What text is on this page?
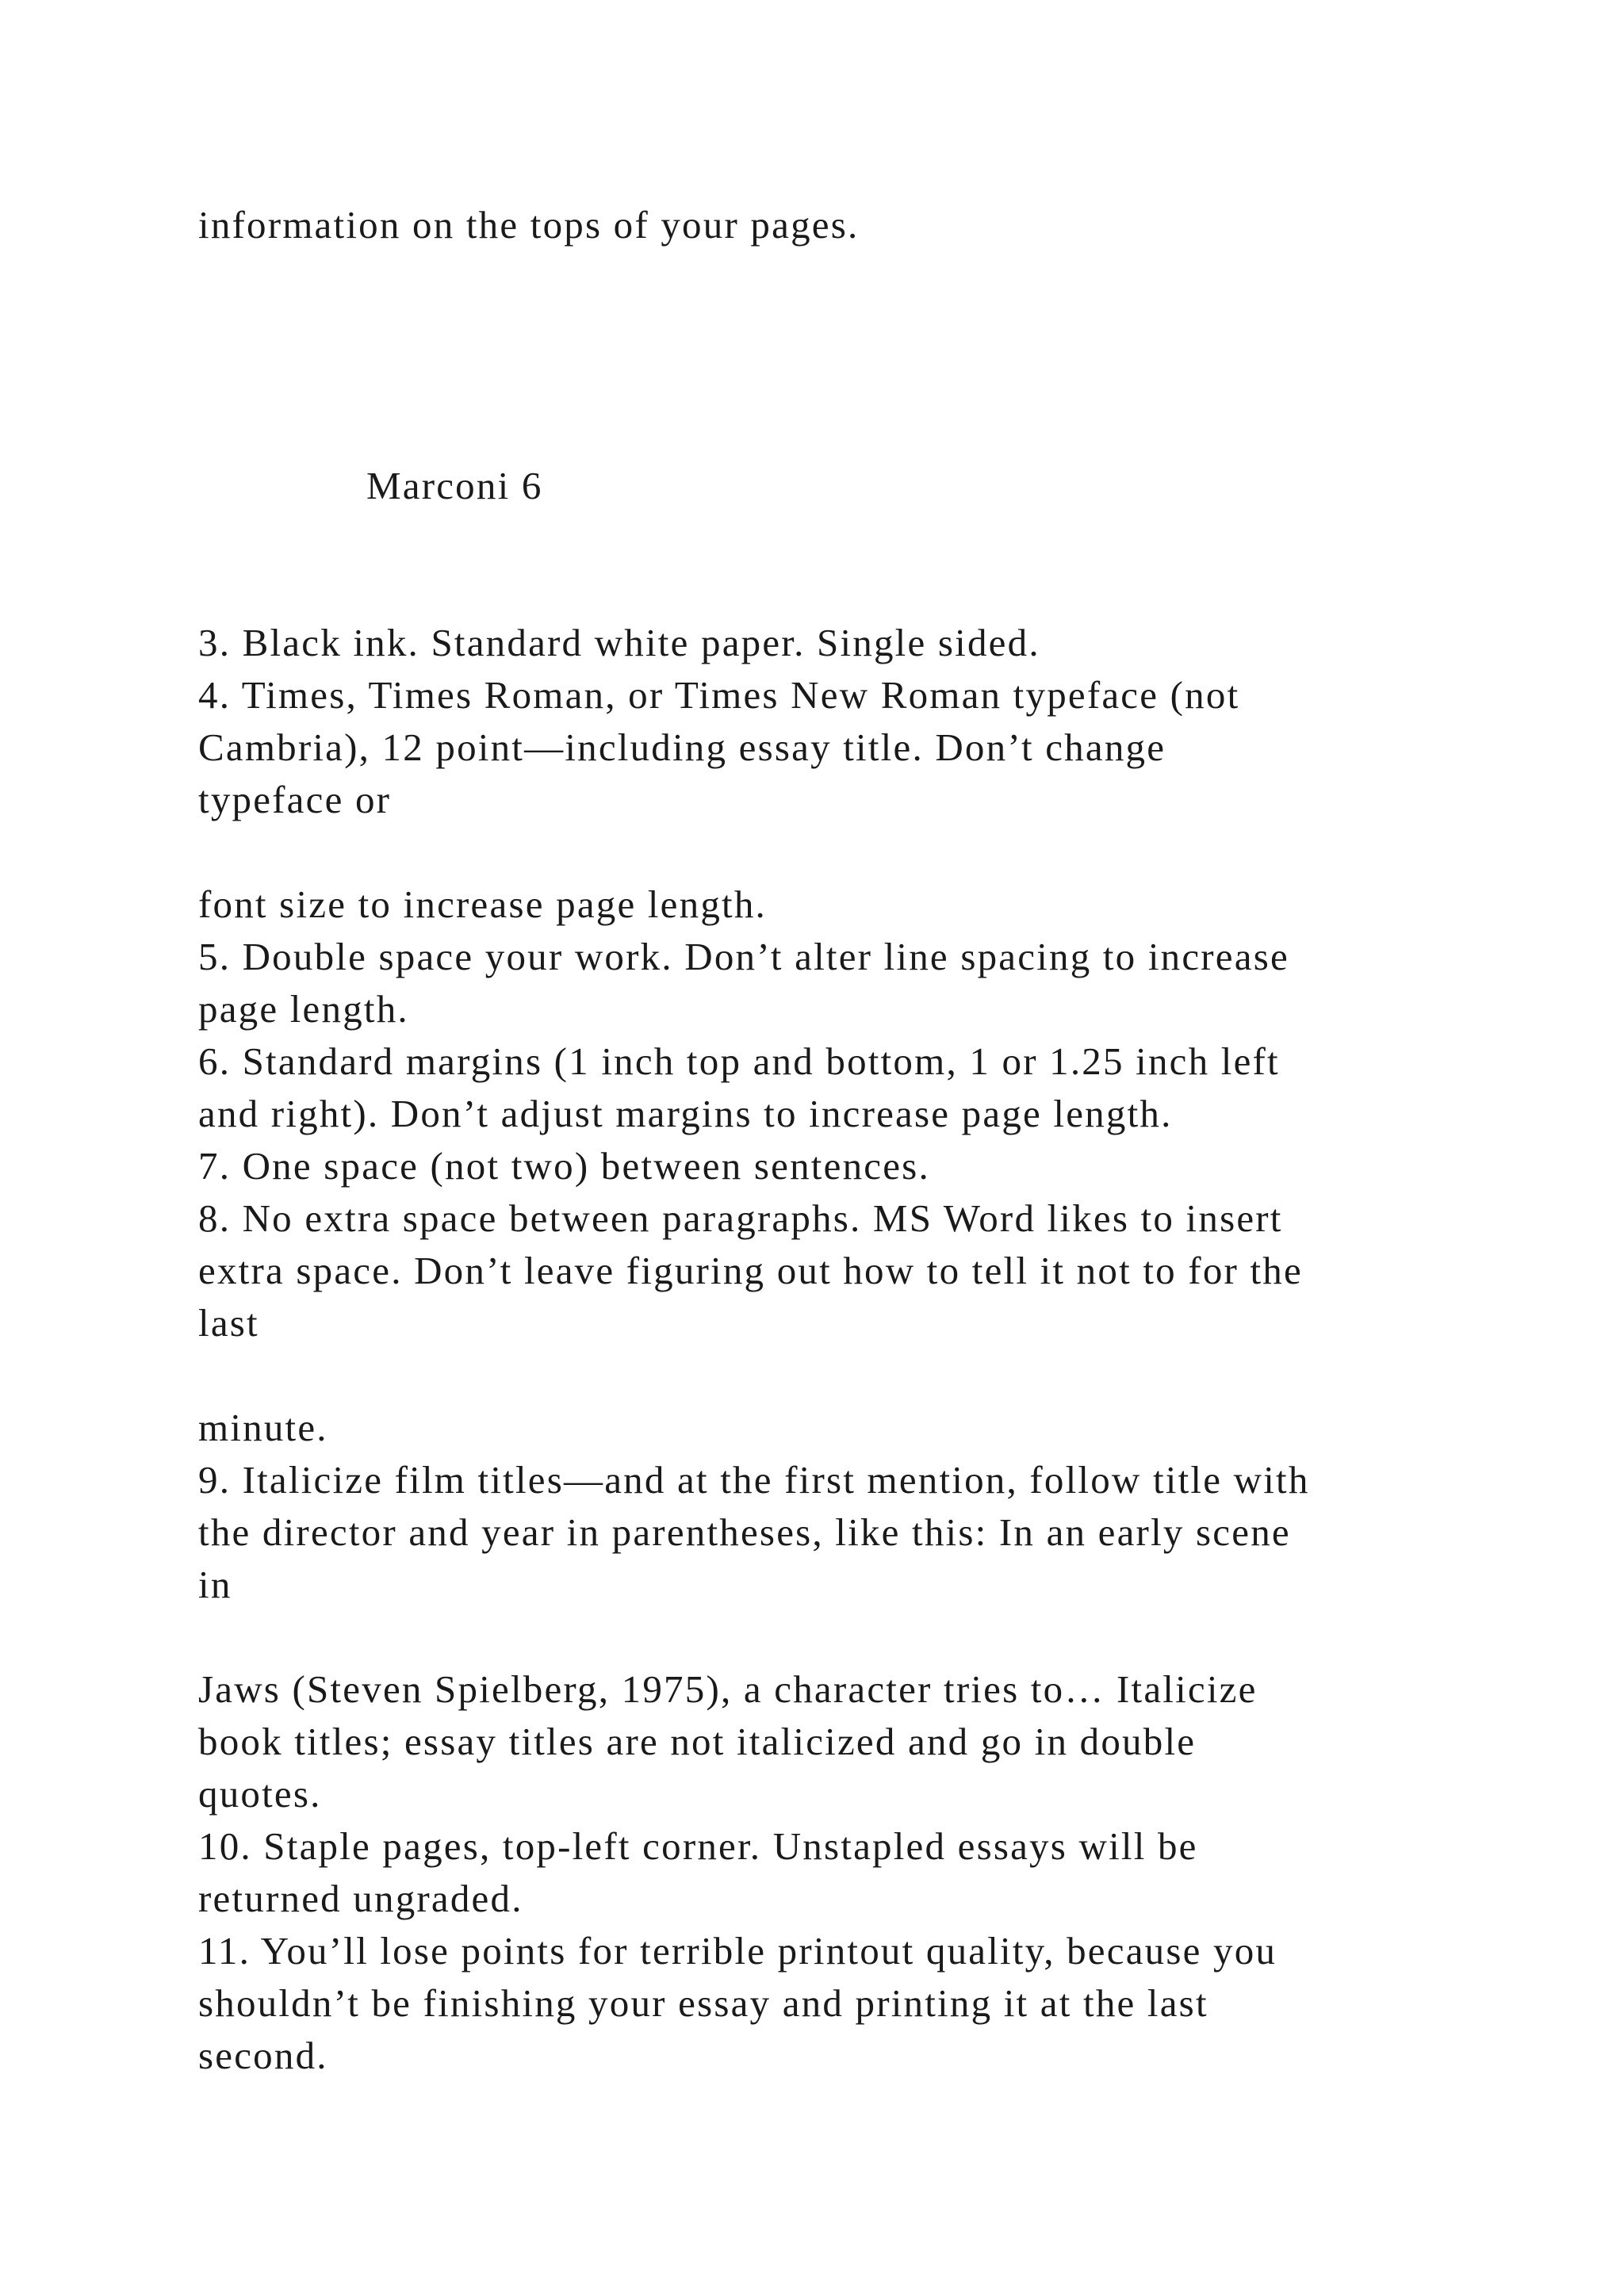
information on the tops of your pages.
Marconi 6
3. Black ink. Standard white paper. Single sided.
4. Times, Times Roman, or Times New Roman typeface (not
Cambria), 12 point—including essay title. Don’t change
typeface or
font size to increase page length.
5. Double space your work. Don’t alter line spacing to increase
page length.
6. Standard margins (1 inch top and bottom, 1 or 1.25 inch left
and right). Don’t adjust margins to increase page length.
7. One space (not two) between sentences.
8. No extra space between paragraphs. MS Word likes to insert
extra space. Don’t leave figuring out how to tell it not to for the
last
minute.
9. Italicize film titles—and at the first mention, follow title with
the director and year in parentheses, like this: In an early scene
in
Jaws (Steven Spielberg, 1975), a character tries to… Italicize
book titles; essay titles are not italicized and go in double
quotes.
10. Staple pages, top-left corner. Unstapled essays will be
returned ungraded.
11. You’ll lose points for terrible printout quality, because you
shouldn’t be finishing your essay and printing it at the last
second.
